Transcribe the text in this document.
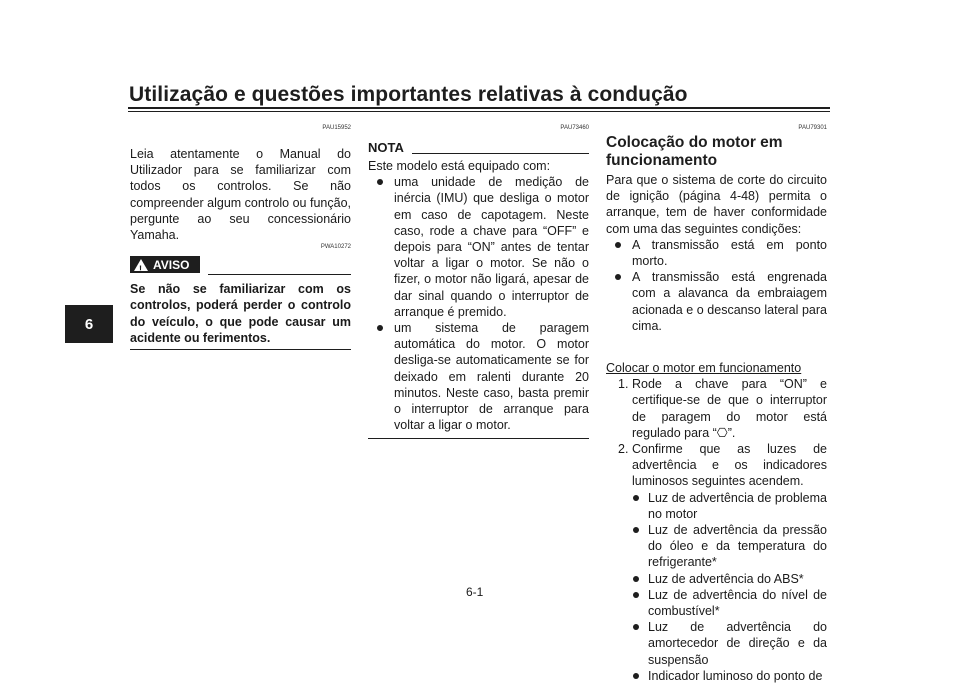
Utilização e questões importantes relativas à condução
6
PAU15952

Leia atentamente o Manual do Utilizador para se familiarizar com todos os controlos. Se não compreender algum controlo ou função, pergunte ao seu concessionário Yamaha.

PWA10272
! AVISO

Se não se familiarizar com os controlos, poderá perder o controlo do veículo, o que pode causar um acidente ou ferimentos.

PAU73460
NOTA

Este modelo está equipado com:

uma unidade de medição de inércia (IMU) que desliga o motor em caso de capotagem. Neste caso, rode a chave para “OFF” e depois para “ON” antes de tentar voltar a ligar o motor. Se não o fizer, o motor não ligará, apesar de dar sinal quando o interruptor de arranque é premido.
um sistema de paragem automática do motor. O motor desliga-se automaticamente se for deixado em ralenti durante 20 minutos. Neste caso, basta premir o interruptor de arranque para voltar a ligar o motor.
PAU79301
Colocação do motor em funcionamento

Para que o sistema de corte do circuito de ignição (página 4-48) permita o arranque, tem de haver conformidade com uma das seguintes condições:

A transmissão está em ponto morto.
A transmissão está engrenada com a alavanca da embraiagem acionada e o descanso lateral para cima.

Colocar o motor em funcionamento

1. Rode a chave para “ON” e certifique-se de que o interruptor de paragem do motor está regulado para “⎔”.
2. Confirme que as luzes de advertência e os indicadores luminosos seguintes acendem.
Luz de advertência de problema no motor
Luz de advertência da pressão do óleo e da temperatura do refrigerante*
Luz de advertência do ABS*
Luz de advertência do nível de combustível*
Luz de advertência do amortecedor de direção e da suspensão
Indicador luminoso do ponto de
6-1
